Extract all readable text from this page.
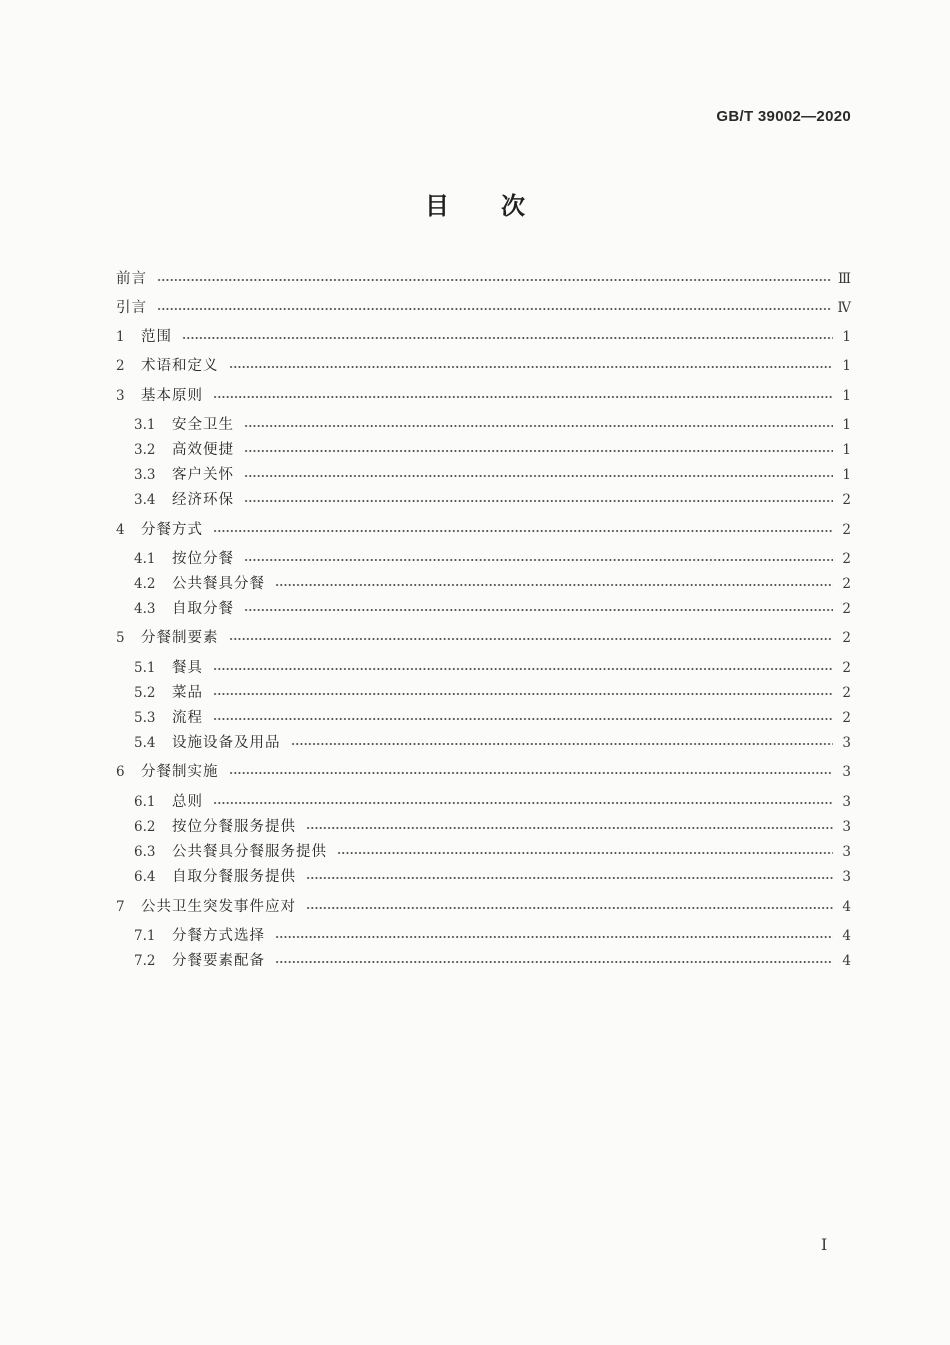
GB/T 39002—2020
目次
前言	Ⅲ
引言	Ⅳ
1	范围	1
2	术语和定义	1
3	基本原则	1
3.1	安全卫生	1
3.2	高效便捷	1
3.3	客户关怀	1
3.4	经济环保	2
4	分餐方式	2
4.1	按位分餐	2
4.2	公共餐具分餐	2
4.3	自取分餐	2
5	分餐制要素	2
5.1	餐具	2
5.2	菜品	2
5.3	流程	2
5.4	设施设备及用品	3
6	分餐制实施	3
6.1	总则	3
6.2	按位分餐服务提供	3
6.3	公共餐具分餐服务提供	3
6.4	自取分餐服务提供	3
7	公共卫生突发事件应对	4
7.1	分餐方式选择	4
7.2	分餐要素配备	4
I
